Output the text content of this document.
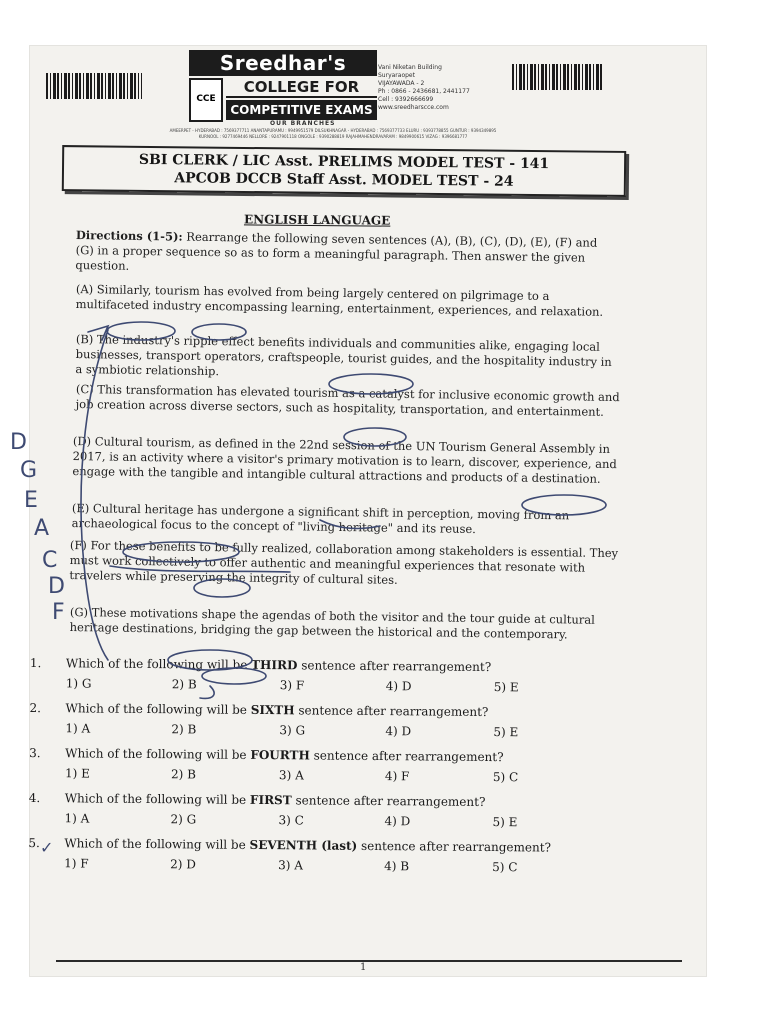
Sreedhar's
CCE
COLLEGE FOR
COMPETITIVE EXAMS
Vani Niketan Building
Suryaraopet
VIJAYAWADA - 2
Ph : 0866 - 2436681, 2441177
Cell : 9392666699
www.sreedharscce.com
OUR BRANCHES
AMEERPET - HYDERABAD : 7569377711 ANANTAPURAMU : 9949951579 DILSUKHNAGAR - HYDERABAD : 7569377733 ELURU : 9393778855 GUNTUR : 9394349895 KURNOOL : 9277469446 NELLORE : 9247901118 ONGOLE : 9390288819 RAJAHMAHENDRAVARAM : 9849900615 VIZAG : 9396681777
SBI CLERK / LIC Asst. PRELIMS MODEL TEST - 141
APCOB DCCB Staff Asst. MODEL TEST - 24
ENGLISH LANGUAGE
Directions (1-5): Rearrange the following seven sentences (A), (B), (C), (D), (E), (F) and (G) in a proper sequence so as to form a meaningful paragraph. Then answer the given question.
(A) Similarly, tourism has evolved from being largely centered on pilgrimage to a multifaceted industry encompassing learning, entertainment, experiences, and relaxation.
(B) The industry's ripple effect benefits individuals and communities alike, engaging local businesses, transport operators, craftspeople, tourist guides, and the hospitality industry in a symbiotic relationship.
(C) This transformation has elevated tourism as a catalyst for inclusive economic growth and job creation across diverse sectors, such as hospitality, transportation, and entertainment.
(D) Cultural tourism, as defined in the 22nd session of the UN Tourism General Assembly in 2017, is an activity where a visitor's primary motivation is to learn, discover, experience, and engage with the tangible and intangible cultural attractions and products of a destination.
(E) Cultural heritage has undergone a significant shift in perception, moving from an archaeological focus to the concept of "living heritage" and its reuse.
(F) For these benefits to be fully realized, collaboration among stakeholders is essential. They must work collectively to offer authentic and meaningful experiences that resonate with travelers while preserving the integrity of cultural sites.
(G) These motivations shape the agendas of both the visitor and the tour guide at cultural heritage destinations, bridging the gap between the historical and the contemporary.
1.	Which of the following will be THIRD sentence after rearrangement?
1) G	2) B	3) F	4) D	5) E
2.	Which of the following will be SIXTH sentence after rearrangement?
1) A	2) B	3) G	4) D	5) E
3.	Which of the following will be FOURTH sentence after rearrangement?
1) E	2) B	3) A	4) F	5) C
4.	Which of the following will be FIRST sentence after rearrangement?
1) A	2) G	3) C	4) D	5) E
5.	Which of the following will be SEVENTH (last) sentence after rearrangement?
1) F	2) D	3) A	4) B	5) C
D
G
E
A
C
D
F
✓
1
